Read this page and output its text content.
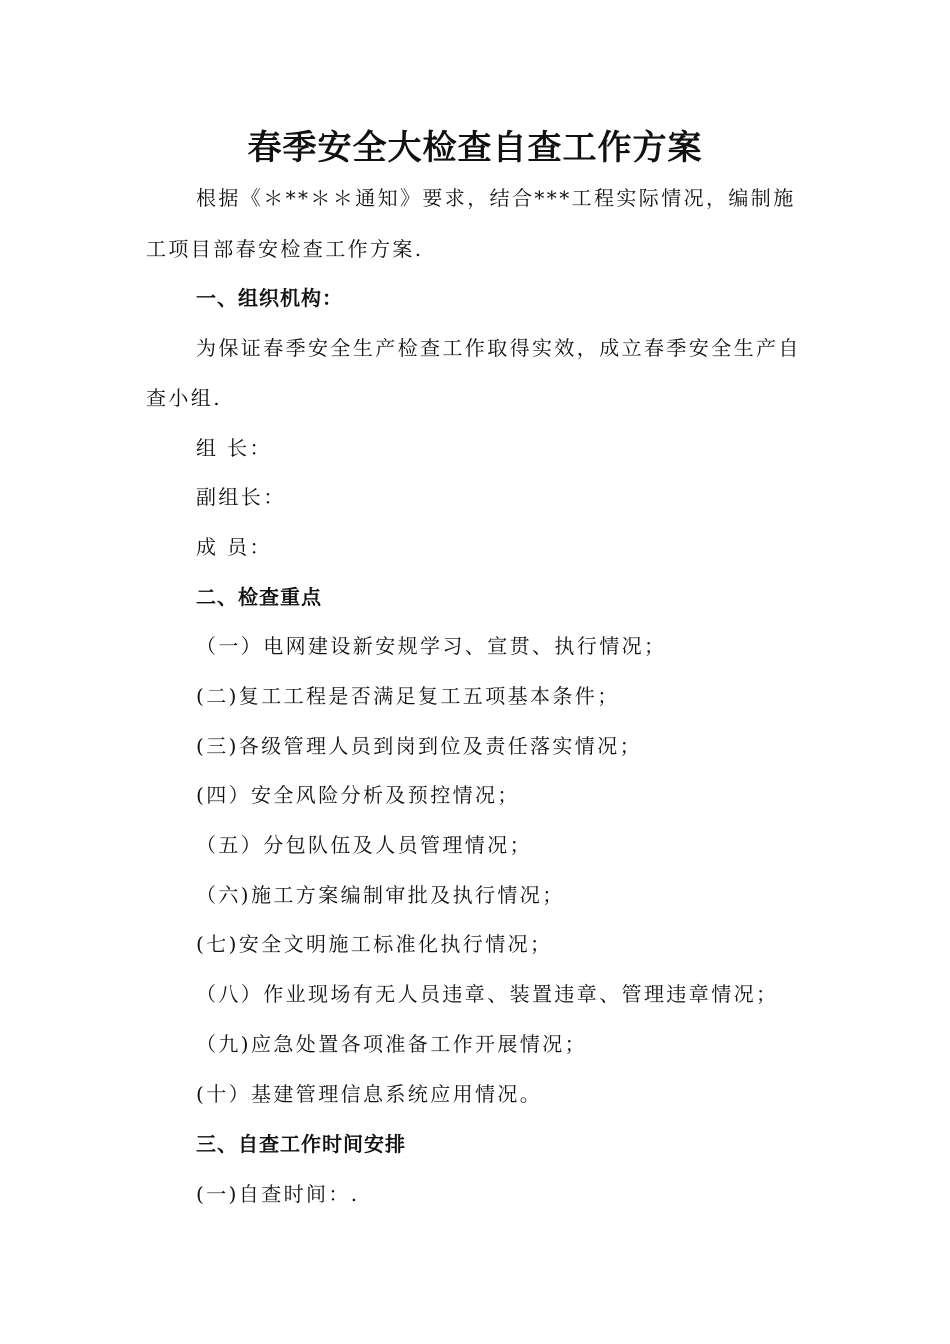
春季安全大检查自查工作方案
根据《＊**＊＊通知》要求，结合***工程实际情况，编制施
工项目部春安检查工作方案.
一、组织机构：
为保证春季安全生产检查工作取得实效，成立春季安全生产自
查小组.
组 长：
副组长：
成 员：
二、检查重点
（一）电网建设新安规学习、宣贯、执行情况；
(二)复工工程是否满足复工五项基本条件；
(三)各级管理人员到岗到位及责任落实情况；
(四）安全风险分析及预控情况；
（五）分包队伍及人员管理情况；
（六)施工方案编制审批及执行情况；
(七)安全文明施工标准化执行情况；
（八）作业现场有无人员违章、装置违章、管理违章情况；
（九)应急处置各项准备工作开展情况；
(十）基建管理信息系统应用情况。
三、自查工作时间安排
(一)自查时间：.
